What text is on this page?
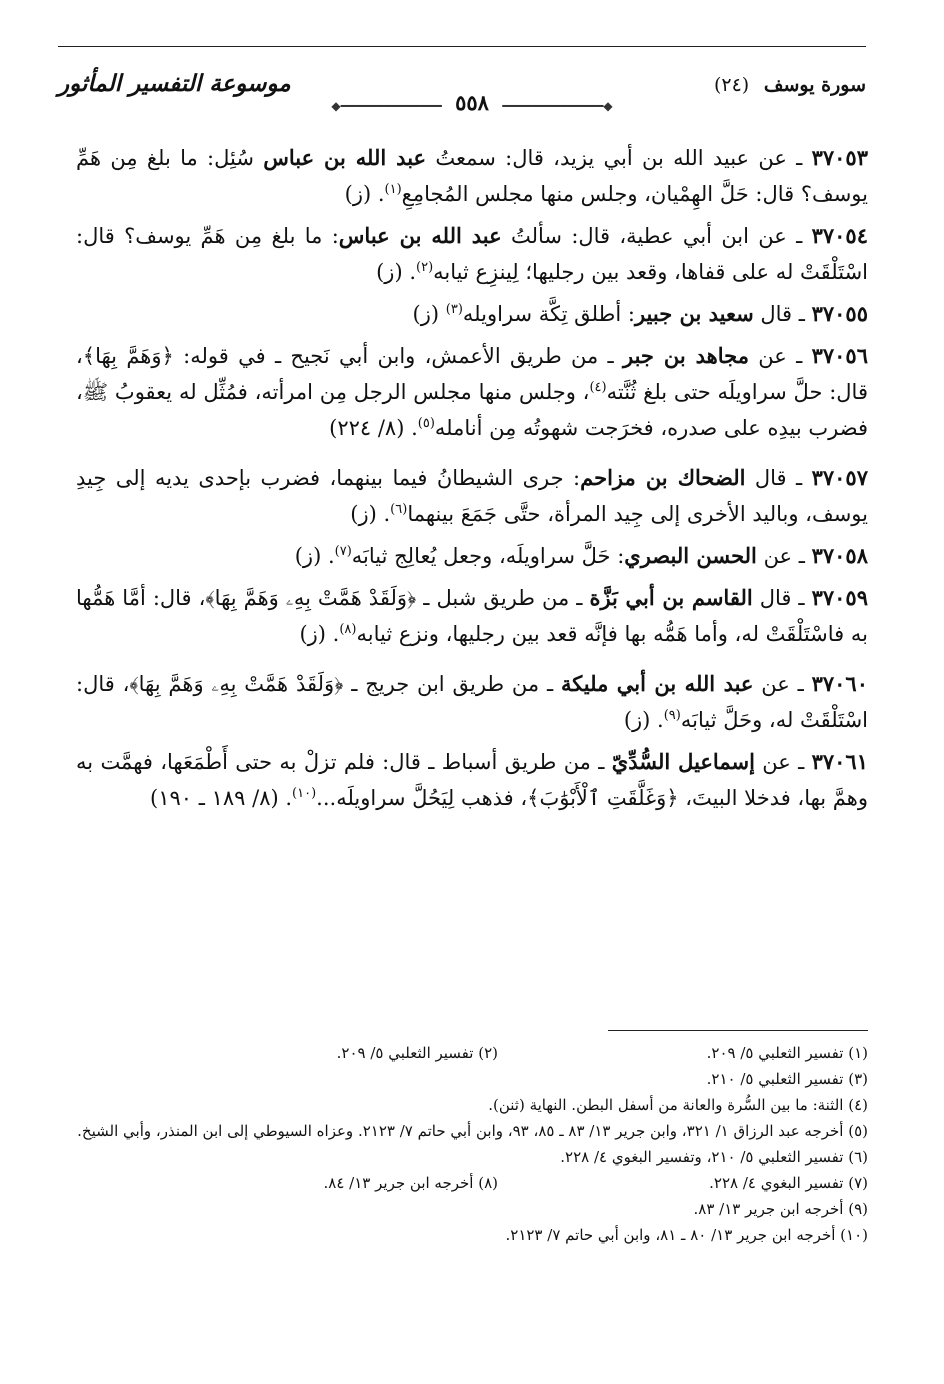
سورة يوسف (٢٤)
موسوعة التفسير المأثور
◆━━━━━━━━━━━━━━ ٥٥٨ ━━━━━━━━━━━━━━◆

٣٧٠٥٣ ـ عن عبيد الله بن أبي يزيد، قال: سمعتُ عبد الله بن عباس سُئِل: ما بلغ مِن هَمِّ يوسف؟ قال: حَلَّ الهِمْيان، وجلس منها مجلس المُجامِعِ$^{(١)}$. (ز)

٣٧٠٥٤ ـ عن ابن أبي عطية، قال: سألتُ عبد الله بن عباس: ما بلغ مِن هَمِّ يوسف؟ قال: اسْتَلْقَتْ له على قفاها، وقعد بين رجليها؛ لِينزِع ثيابه$^{(٢)}$. (ز)

٣٧٠٥٥ ـ قال سعيد بن جبير: أطلق تِكَّة سراويله$^{(٣)}$ (ز)

٣٧٠٥٦ ـ عن مجاهد بن جبر ـ من طريق الأعمش، وابن أبي نَجيح ـ في قوله: ﴿وَهَمَّ بِهَا﴾، قال: حلَّ سراويلَه حتى بلغ ثُنَّته$^{(٤)}$، وجلس منها مجلس الرجل مِن امرأته، فمُثِّل له يعقوبُ ﷺ، فضرب بيدِه على صدره، فخرَجت شهوتُه مِن أنامله$^{(٥)}$. (٨/ ٢٢٤)

٣٧٠٥٧ ـ قال الضحاك بن مزاحم: جرى الشيطانُ فيما بينهما، فضرب بإحدى يديه إلى جِيدِ يوسف، وباليد الأخرى إلى جِيد المرأة، حتَّى جَمَعَ بينهما$^{(٦)}$. (ز)

٣٧٠٥٨ ـ عن الحسن البصري: حَلَّ سراويلَه، وجعل يُعالِج ثيابَه$^{(٧)}$. (ز)

٣٧٠٥٩ ـ قال القاسم بن أبي بَزَّة ـ من طريق شبل ـ ﴿وَلَقَدْ هَمَّتْ بِهِۦ وَهَمَّ بِهَا﴾، قال: أمَّا هَمُّها به فاسْتَلْقَتْ له، وأما هَمُّه بها فإنَّه قعد بين رجليها، ونزع ثيابه$^{(٨)}$. (ز)

٣٧٠٦٠ ـ عن عبد الله بن أبي مليكة ـ من طريق ابن جريج ـ ﴿وَلَقَدْ هَمَّتْ بِهِۦ وَهَمَّ بِهَا﴾، قال: اسْتَلْقَتْ له، وحَلَّ ثيابَه$^{(٩)}$. (ز)

٣٧٠٦١ ـ عن إسماعيل السُّدِّيّ ـ من طريق أسباط ـ قال: فلم تزلْ به حتى أَطْمَعَها، فهمَّت به وهمَّ بها، فدخلا البيتَ، ﴿وَغَلَّقَتِ ٱلْأَبْوَٰبَ﴾، فذهب لِيَحُلَّ سراويلَه...$^{(١٠)}$. (٨/ ١٨٩ ـ ١٩٠)

(١) تفسير الثعلبي ٥/ ٢٠٩.
(٢) تفسير الثعلبي ٥/ ٢٠٩.
(٣) تفسير الثعلبي ٥/ ٢١٠.
(٤) الثنة: ما بين السُّرة والعانة من أسفل البطن. النهاية (ثنن).
(٥) أخرجه عبد الرزاق ١/ ٣٢١، وابن جرير ١٣/ ٨٣ ـ ٨٥، ٩٣، وابن أبي حاتم ٧/ ٢١٢٣. وعزاه السيوطي إلى ابن المنذر، وأبي الشيخ.
(٦) تفسير الثعلبي ٥/ ٢١٠، وتفسير البغوي ٤/ ٢٢٨.
(٧) تفسير البغوي ٤/ ٢٢٨.
(٨) أخرجه ابن جرير ١٣/ ٨٤.
(٩) أخرجه ابن جرير ١٣/ ٨٣.
(١٠) أخرجه ابن جرير ١٣/ ٨٠ ـ ٨١، وابن أبي حاتم ٧/ ٢١٢٣.
